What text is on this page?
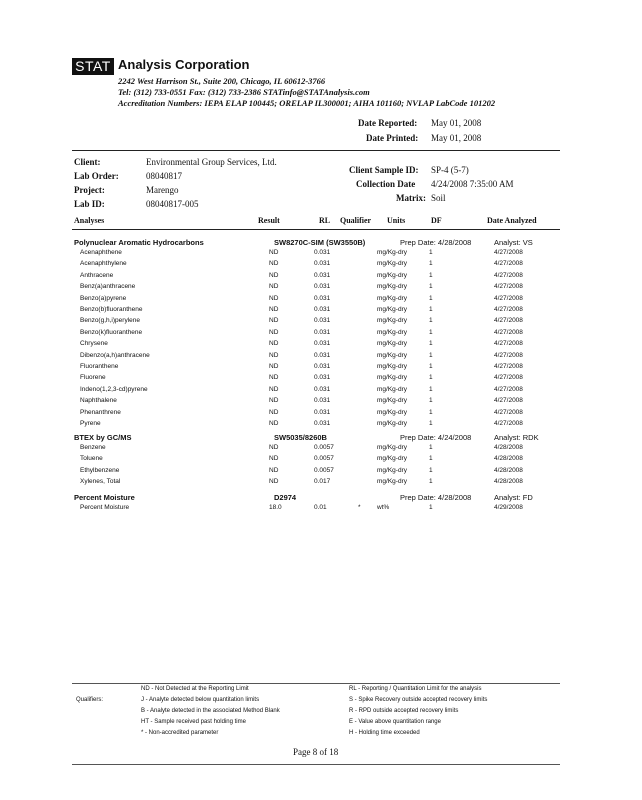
STAT Analysis Corporation
2242 West Harrison St., Suite 200, Chicago, IL 60612-3766
Tel: (312) 733-0551 Fax: (312) 733-2386 STATinfo@STATAnalysis.com
Accreditation Numbers: IEPA ELAP 100445; ORELAP IL300001; AIHA 101160; NVLAP LabCode 101202
Date Reported: May 01, 2008
Date Printed: May 01, 2008
Client:	Environmental Group Services, Ltd.
Lab Order:	08040817
Project:	Marengo
Lab ID:	08040817-005
Client Sample ID: SP-4 (5-7)
Collection Date 4/24/2008 7:35:00 AM
Matrix: Soil
Analyses	Result	RL Qualifier Units	DF	Date Analyzed
Polynuclear Aromatic Hydrocarbons	SW8270C-SIM (SW3550B)	Prep Date: 4/28/2008	Analyst: VS
Acenaphthene	ND	0.031	mg/Kg-dry	1	4/27/2008
Acenaphthylene	ND	0.031	mg/Kg-dry	1	4/27/2008
Anthracene	ND	0.031	mg/Kg-dry	1	4/27/2008
Benz(a)anthracene	ND	0.031	mg/Kg-dry	1	4/27/2008
Benzo(a)pyrene	ND	0.031	mg/Kg-dry	1	4/27/2008
Benzo(b)fluoranthene	ND	0.031	mg/Kg-dry	1	4/27/2008
Benzo(g,h,i)perylene	ND	0.031	mg/Kg-dry	1	4/27/2008
Benzo(k)fluoranthene	ND	0.031	mg/Kg-dry	1	4/27/2008
Chrysene	ND	0.031	mg/Kg-dry	1	4/27/2008
Dibenzo(a,h)anthracene	ND	0.031	mg/Kg-dry	1	4/27/2008
Fluoranthene	ND	0.031	mg/Kg-dry	1	4/27/2008
Fluorene	ND	0.031	mg/Kg-dry	1	4/27/2008
Indeno(1,2,3-cd)pyrene	ND	0.031	mg/Kg-dry	1	4/27/2008
Naphthalene	ND	0.031	mg/Kg-dry	1	4/27/2008
Phenanthrene	ND	0.031	mg/Kg-dry	1	4/27/2008
Pyrene	ND	0.031	mg/Kg-dry	1	4/27/2008
BTEX by GC/MS	SW5035/8260B	Prep Date: 4/24/2008	Analyst: RDK
Benzene	ND	0.0057	mg/Kg-dry	1	4/28/2008
Toluene	ND	0.0057	mg/Kg-dry	1	4/28/2008
Ethylbenzene	ND	0.0057	mg/Kg-dry	1	4/28/2008
Xylenes, Total	ND	0.017	mg/Kg-dry	1	4/28/2008
Percent Moisture	D2974	Prep Date: 4/28/2008	Analyst: FD
Percent Moisture	18.0	0.01	*	wt%	1	4/29/2008
Qualifiers:
ND - Not Detected at the Reporting Limit
J - Analyte detected below quantitation limits
B - Analyte detected in the associated Method Blank
HT - Sample received past holding time
* - Non-accredited parameter
RL - Reporting / Quantitation Limit for the analysis
S - Spike Recovery outside accepted recovery limits
R - RPD outside accepted recovery limits
E - Value above quantitation range
H - Holding time exceeded
Page 8 of 18
